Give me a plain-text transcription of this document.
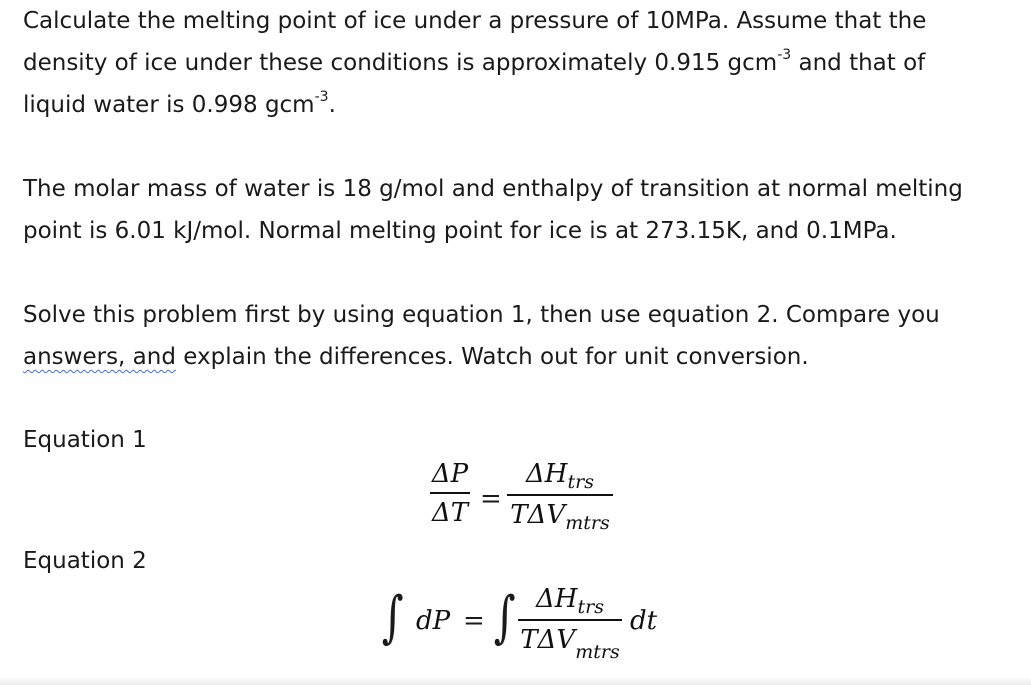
Calculate the melting point of ice under a pressure of 10MPa. Assume that the
density of ice under these conditions is approximately 0.915 gcm$^{-3}$ and that of
liquid water is 0.998 gcm$^{-3}$.

The molar mass of water is 18 g/mol and enthalpy of transition at normal melting
point is 6.01 kJ/mol. Normal melting point for ice is at 273.15K, and 0.1MPa.

Solve this problem first by using equation 1, then use equation 2. Compare you
answers, and explain the differences. Watch out for unit conversion.

Equation 1
ΔP
ΔT =
$\Delta H_{trs}$
$T\Delta V_{mtrs}$
Equation 2
∫ dP = ∫ $\Delta H_{trs}$
$T\Delta V_{mtrs}$
dt
